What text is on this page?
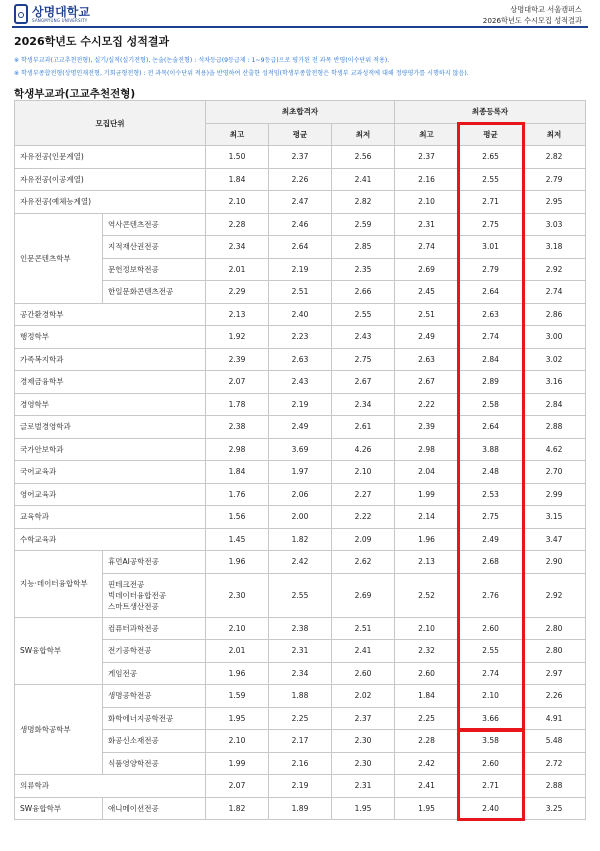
상명대학교
SANGMYUNG UNIVERSITY
상명대학교 서울캠퍼스
2026학년도 수시모집 성적결과
2026학년도 수시모집 성적결과
※ 학생부교과(고교추천전형), 실기/실적(실기전형), 논술(논술전형) : 석차등급(9등급제 : 1~9등급)으로 평가된 전 과목 반영(이수단위 적용).
※ 학생부종합전형(상명인재전형, 기회균형전형) : 전 과목(이수단위 적용)을 반영하여 산출한 성적임(학생부종합전형은 학생부 교과성적에 대해 정량평가를 시행하지 않음).
학생부교과(고교추천전형)
모집단위		최초합격자			최종등록자		
		최고	평균	최저	최고	평균	최저
자유전공(인문계열)		1.50	2.37	2.56	2.37	2.65	2.82
자유전공(이공계열)		1.84	2.26	2.41	2.16	2.55	2.79
자유전공(예체능계열)		2.10	2.47	2.82	2.10	2.71	2.95
인문콘텐츠학부	역사콘텐츠전공	2.28	2.46	2.59	2.31	2.75	3.03
	지적재산권전공	2.34	2.64	2.85	2.74	3.01	3.18
	문헌정보학전공	2.01	2.19	2.35	2.69	2.79	2.92
	한일문화콘텐츠전공	2.29	2.51	2.66	2.45	2.64	2.74
공간환경학부		2.13	2.40	2.55	2.51	2.63	2.86
행정학부		1.92	2.23	2.43	2.49	2.74	3.00
가족복지학과		2.39	2.63	2.75	2.63	2.84	3.02
경제금융학부		2.07	2.43	2.67	2.67	2.89	3.16
경영학부		1.78	2.19	2.34	2.22	2.58	2.84
글로벌경영학과		2.38	2.49	2.61	2.39	2.64	2.88
국가안보학과		2.98	3.69	4.26	2.98	3.88	4.62
국어교육과		1.84	1.97	2.10	2.04	2.48	2.70
영어교육과		1.76	2.06	2.27	1.99	2.53	2.99
교육학과		1.56	2.00	2.22	2.14	2.75	3.15
수학교육과		1.45	1.82	2.09	1.96	2.49	3.47
지능·데이터융합학부	휴먼AI공학전공	1.96	2.42	2.62	2.13	2.68	2.90

	핀테크전공
빅데이터융합전공
스마트생산전공	2.30	2.55	2.69	2.52	2.76	2.92
SW융합학부	컴퓨터과학전공	2.10	2.38	2.51	2.10	2.60	2.80
	전기공학전공	2.01	2.31	2.41	2.32	2.55	2.80
	게임전공	1.96	2.34	2.60	2.60	2.74	2.97
생명화학공학부	생명공학전공	1.59	1.88	2.02	1.84	2.10	2.26
	화학에너지공학전공	1.95	2.25	2.37	2.25	3.66	4.91
	화공신소재전공	2.10	2.17	2.30	2.28	3.58	5.48
	식품영양학전공	1.99	2.16	2.30	2.42	2.60	2.72
의류학과		2.07	2.19	2.31	2.41	2.71	2.88
SW융합학부	애니메이션전공	1.82	1.89	1.95	1.95	2.40	3.25
